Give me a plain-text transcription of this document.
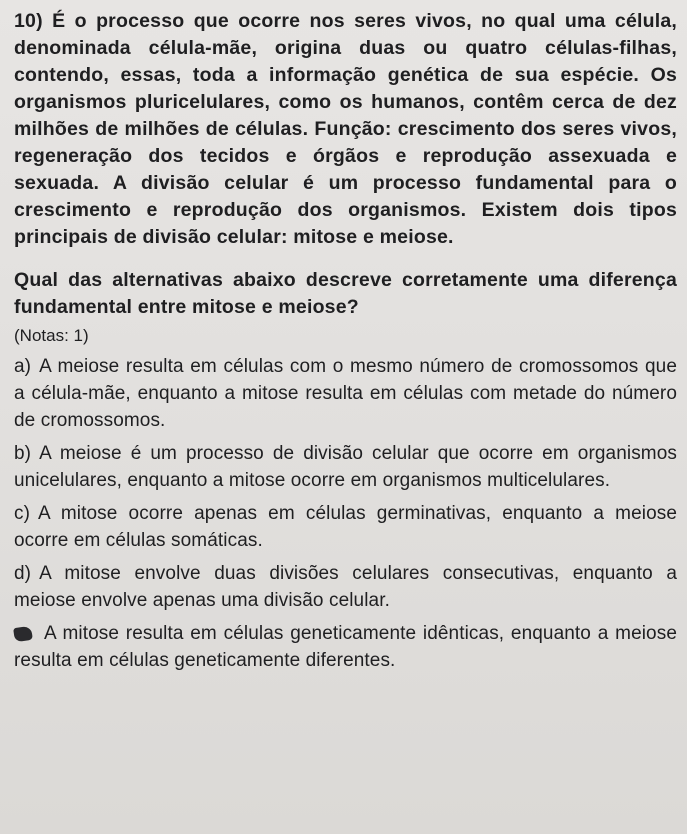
10) É o processo que ocorre nos seres vivos, no qual uma célula, denominada célula-mãe, origina duas ou quatro células-filhas, contendo, essas, toda a informação genética de sua espécie. Os organismos pluricelulares, como os humanos, contêm cerca de dez milhões de milhões de células. Função: crescimento dos seres vivos, regeneração dos tecidos e órgãos e reprodução assexuada e sexuada. A divisão celular é um processo fundamental para o crescimento e reprodução dos organismos. Existem dois tipos principais de divisão celular: mitose e meiose.

Qual das alternativas abaixo descreve corretamente uma diferença fundamental entre mitose e meiose?

(Notas: 1)

a) A meiose resulta em células com o mesmo número de cromossomos que a célula-mãe, enquanto a mitose resulta em células com metade do número de cromossomos.

b) A meiose é um processo de divisão celular que ocorre em organismos unicelulares, enquanto a mitose ocorre em organismos multicelulares.

c) A mitose ocorre apenas em células germinativas, enquanto a meiose ocorre em células somáticas.

d) A mitose envolve duas divisões celulares consecutivas, enquanto a meiose envolve apenas uma divisão celular.

A mitose resulta em células geneticamente idênticas, enquanto a meiose resulta em células geneticamente diferentes.
